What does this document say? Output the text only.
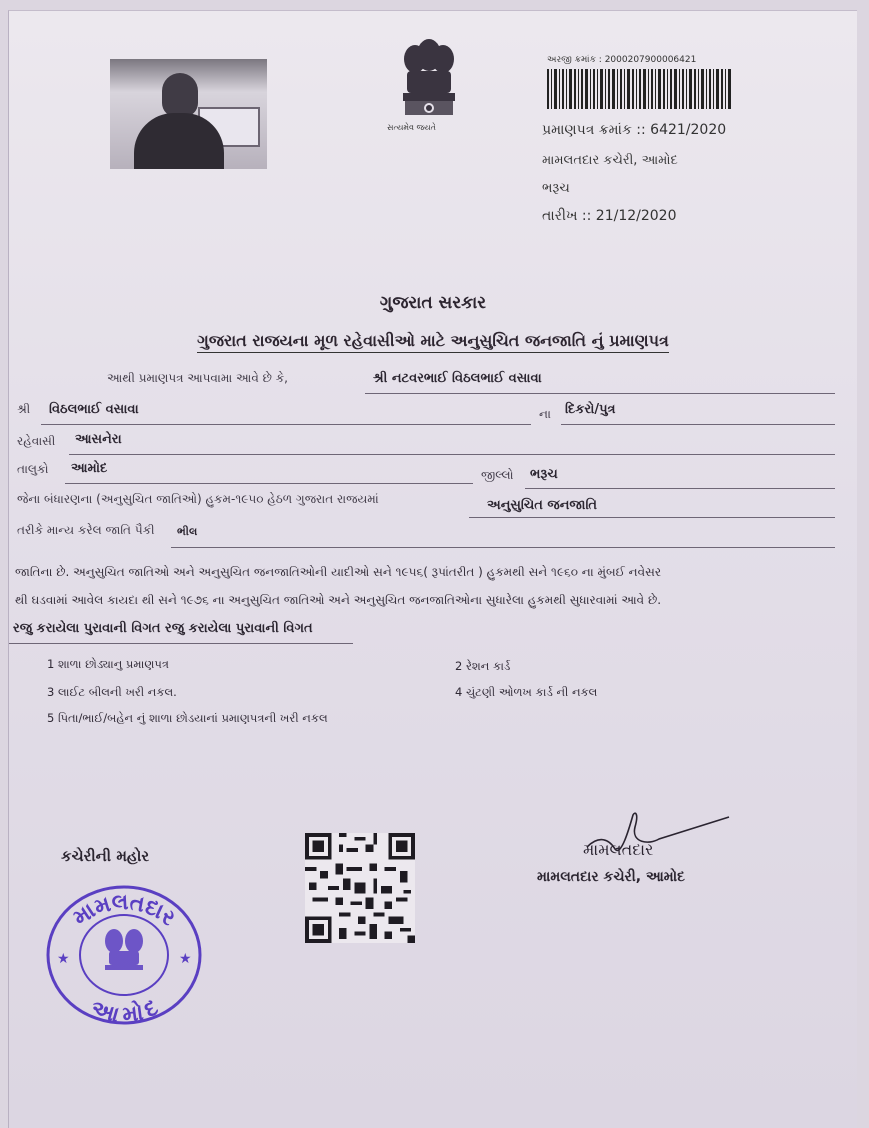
સત્યમેવ જયતે
અરજી ક્રમાંક : 2000207900006421
પ્રમાણપત્ર ક્રમાંક :: 6421/2020
મામલતદાર કચેરી, આમોદ
ભરૂચ
તારીખ :: 21/12/2020
ગુજરાત સરકાર
ગુજરાત રાજયના મૂળ રહેવાસીઓ માટે અનુસુચિત જનજાતિ નું પ્રમાણપત્ર
આથી પ્રમાણપત્ર આપવામા આવે છે કે,	શ્રી નટવરભાઈ વિઠલભાઈ વસાવા
શ્રી વિઠલભાઈ વસાવા	ના દિકરો/પુત્ર
રહેવાસી આસનેરા
તાલુકો આમોદ	જીલ્લો ભરૂચ
જેના બંધારણના (અનુસુચિત જાતિઓ) હુકમ-૧૯૫૦ હેઠળ ગુજરાત રાજયમાં	અનુસુચિત જનજાતિ
તરીકે માન્ય કરેલ જાતિ પૈકી ભીલ
જાતિના છે. અનુસુચિત જાતિઓ અને અનુસુચિત જનજાતિઓની યાદીઓ સને ૧૯૫૬( રૂપાંતરીત ) હુકમથી સને ૧૯૬૦ ના મુંબઈ નવેસર
થી ઘડવામાં આવેલ કાયદા થી સને ૧૯૭૬ ના અનુસુચિત જાતિઓ અને અનુસુચિત જનજાતિઓના સુધારેલા હુકમથી સુધારવામાં આવે છે.
રજુ કરાયેલા પુરાવાની વિગત રજુ કરાયેલા પુરાવાની વિગત
1 શાળા છોડ્યાનુ પ્રમાણપત્ર	2 રેશન કાર્ડ
3 લાઈટ બીલની ખરી નકલ.	4 ચુંટણી ઓળખ કાર્ડ ની નકલ
5 પિતા/ભાઈ/બહેન નું શાળા છોડયાનાં પ્રમાણપત્રની ખરી નકલ
કચેરીની મહોર
મામલતદાર
આમોદ
★	★
મામલતદાર
મામલતદાર કચેરી, આમોદ
